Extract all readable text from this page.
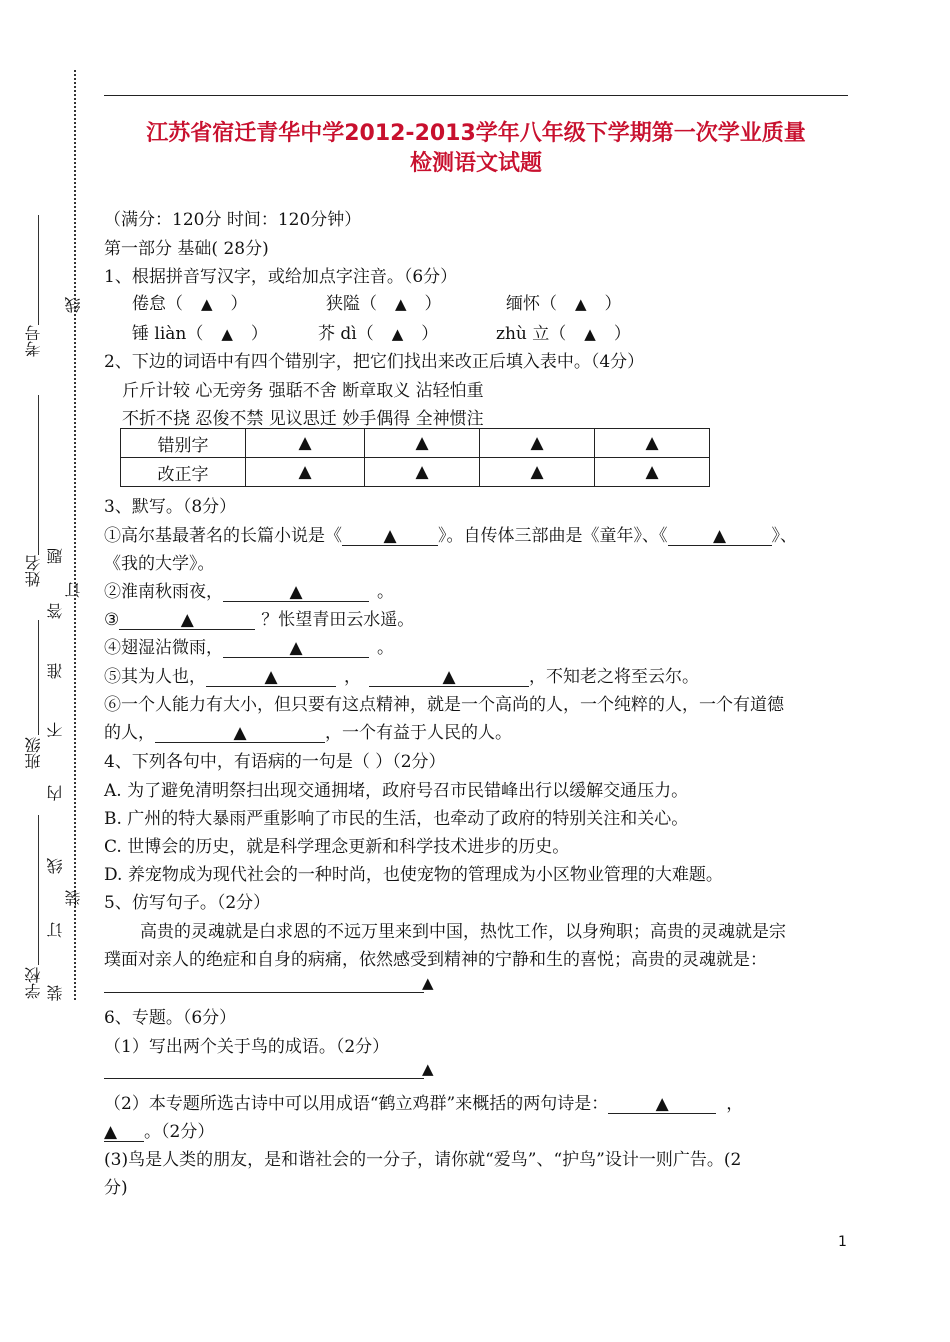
江苏省宿迁青华中学2012-2013学年八年级下学期第一次学业质量
检测语文试题
考号
姓名
班级
学校
线
题
订
答
准
不
内
线
订
装
装
（满分：120分 时间：120分钟）
第一部分 基础( 28分)
1、根据拼音写汉字，或给加点字注音。（6分）
倦怠（ ▲ ）	狭隘（ ▲ ）	缅怀（ ▲ ）
锤 liàn（ ▲ ）	芥 dì（ ▲ ）	zhù 立（ ▲ ）
2、下边的词语中有四个错别字，把它们找出来改正后填入表中。（4分）
斤斤计较 心无旁务 强聒不舍 断章取义 沾轻怕重
不折不挠 忍俊不禁 见议思迁 妙手偶得 全神惯注
错别字	▲	▲	▲	▲
改正字	▲	▲	▲	▲
3、默写。（8分）
①高尔基最著名的长篇小说是《 ▲ 》。自传体三部曲是《童年》、《	▲	》、
《我的大学》。
②淮南秋雨夜，	▲	。
③	▲	？怅望青田云水遥。
④翅湿沾微雨，	▲	。
⑤其为人也，	▲	，	▲	，不知老之将至云尔。
⑥一个人能力有大小，但只要有这点精神，就是一个高尚的人，一个纯粹的人，一个有道德
的人，	▲	，一个有益于人民的人。
4、下列各句中，有语病的一句是（ ）（2分）
A. 为了避免清明祭扫出现交通拥堵，政府号召市民错峰出行以缓解交通压力。
B. 广州的特大暴雨严重影响了市民的生活，也牵动了政府的特别关注和关心。
C. 世博会的历史，就是科学理念更新和科学技术进步的历史。
D. 养宠物成为现代社会的一种时尚，也使宠物的管理成为小区物业管理的大难题。
5、仿写句子。（2分）
高贵的灵魂就是白求恩的不远万里来到中国，热忱工作，以身殉职；高贵的灵魂就是宗
璞面对亲人的绝症和自身的病痛，依然感受到精神的宁静和生的喜悦；高贵的灵魂就是：
▲
6、专题。（6分）
（1）写出两个关于鸟的成语。（2分）
▲
（2）本专题所选古诗中可以用成语“鹤立鸡群”来概括的两句诗是：	▲	，
▲ 。（2分）
(3)鸟是人类的朋友，是和谐社会的一分子，请你就“爱鸟”、“护鸟”设计一则广告。(2
分)
1
